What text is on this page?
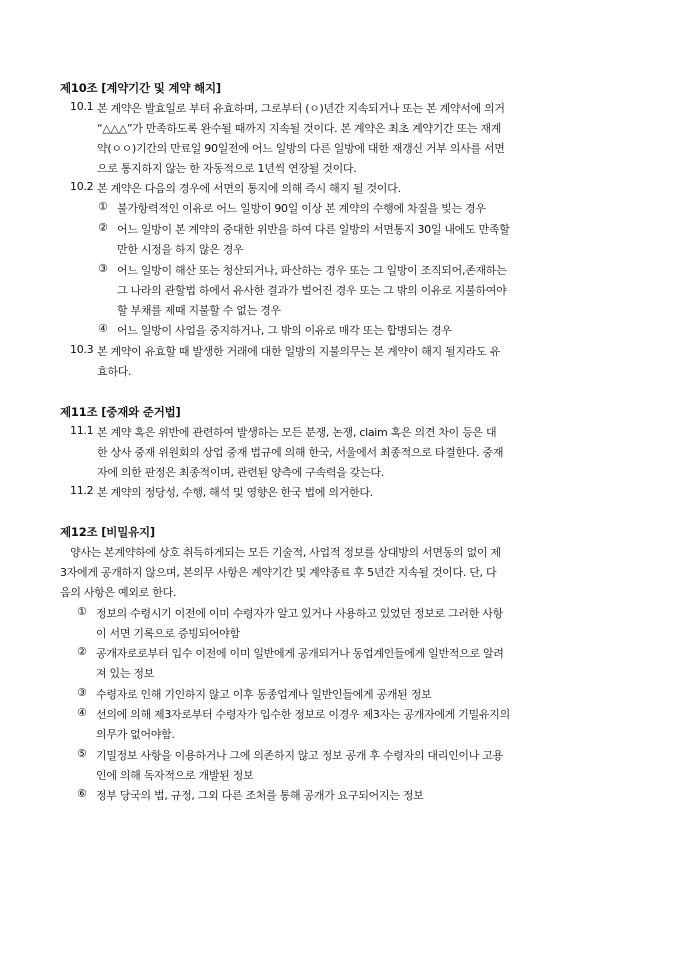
제10조 [계약기간 및 계약 해지]
10.1 본 계약은 발효일로 부터 유효하며, 그로부터 (ㅇ)년간 지속되거나 또는 본 계약서에 의거
“△△△”가 만족하도록 완수될 때까지 지속될 것이다. 본 계약은 최초 계약기간 또는 재계
약(ㅇㅇ)기간의 만료일 90일전에 어느 일방의 다른 일방에 대한 재갱신 거부 의사를 서면
으로 통지하지 않는 한 자동적으로 1년씩 연장될 것이다.
10.2 본 계약은 다음의 경우에 서면의 통지에 의해 즉시 해지 될 것이다.
① 불가항력적인 이유로 어느 일방이 90일 이상 본 계약의 수행에 차질을 빚는 경우
② 어느 일방이 본 계약의 중대한 위반을 하여 다른 일방의 서면통지 30일 내에도 만족할
만한 시정을 하지 않은 경우
③ 어느 일방이 해산 또는 청산되거나, 파산하는 경우 또는 그 일방이 조직되어,존재하는
그 나라의 관할법 하에서 유사한 결과가 벌어진 경우 또는 그 밖의 이유로 지불하여야
할 부채를 제때 지불할 수 없는 경우
④ 어느 일방이 사업을 중지하거나, 그 밖의 이유로 매각 또는 합병되는 경우
10.3 본 계약이 유효할 때 발생한 거래에 대한 일방의 지불의무는 본 계약이 해지 될지라도 유
효하다.
제11조 [중재와 준거법]
11.1 본 계약 혹은 위반에 관련하여 발생하는 모든 분쟁, 논쟁, claim 혹은 의견 차이 등은 대
한 상사 중재 위원회의 상업 중재 법규에 의해 한국, 서울에서 최종적으로 타결한다. 중재
자에 의한 판정은 최종적이며, 관련된 양측에 구속력을 갖는다.
11.2 본 계약의 정당성, 수행, 해석 및 영향은 한국 법에 의거한다.
제12조 [비밀유지]
양사는 본계약하에 상호 취득하게되는 모든 기술적, 사업적 정보를 상대방의 서면동의 없이 제
3자에게 공개하지 않으며, 본의무 사항은 계약기간 및 계약종료 후 5년간 지속될 것이다. 단, 다
음의 사항은 예외로 한다.
① 정보의 수령시기 이전에 이미 수령자가 알고 있거나 사용하고 있었던 정보로 그러한 사항
이 서면 기록으로 증빙되어야함
② 공개자로로부터 입수 이전에 이미 일반에게 공개되거나 동업계인들에게 일반적으로 알려
져 있는 정보
③ 수령자로 인해 기인하지 않고 이후 동종업계나 일반인들에게 공개된 정보
④ 선의에 의해 제3자로부터 수령자가 입수한 정보로 이경우 제3자는 공개자에게 기밀유지의
의무가 없어야함.
⑤ 기밀정보 사항을 이용하거나 그에 의존하지 않고 정보 공개 후 수령자의 대리인이나 고용
인에 의해 독자적으로 개발된 정보
⑥ 정부 당국의 법, 규정, 그외 다른 조처를 통해 공개가 요구되어지는 정보
